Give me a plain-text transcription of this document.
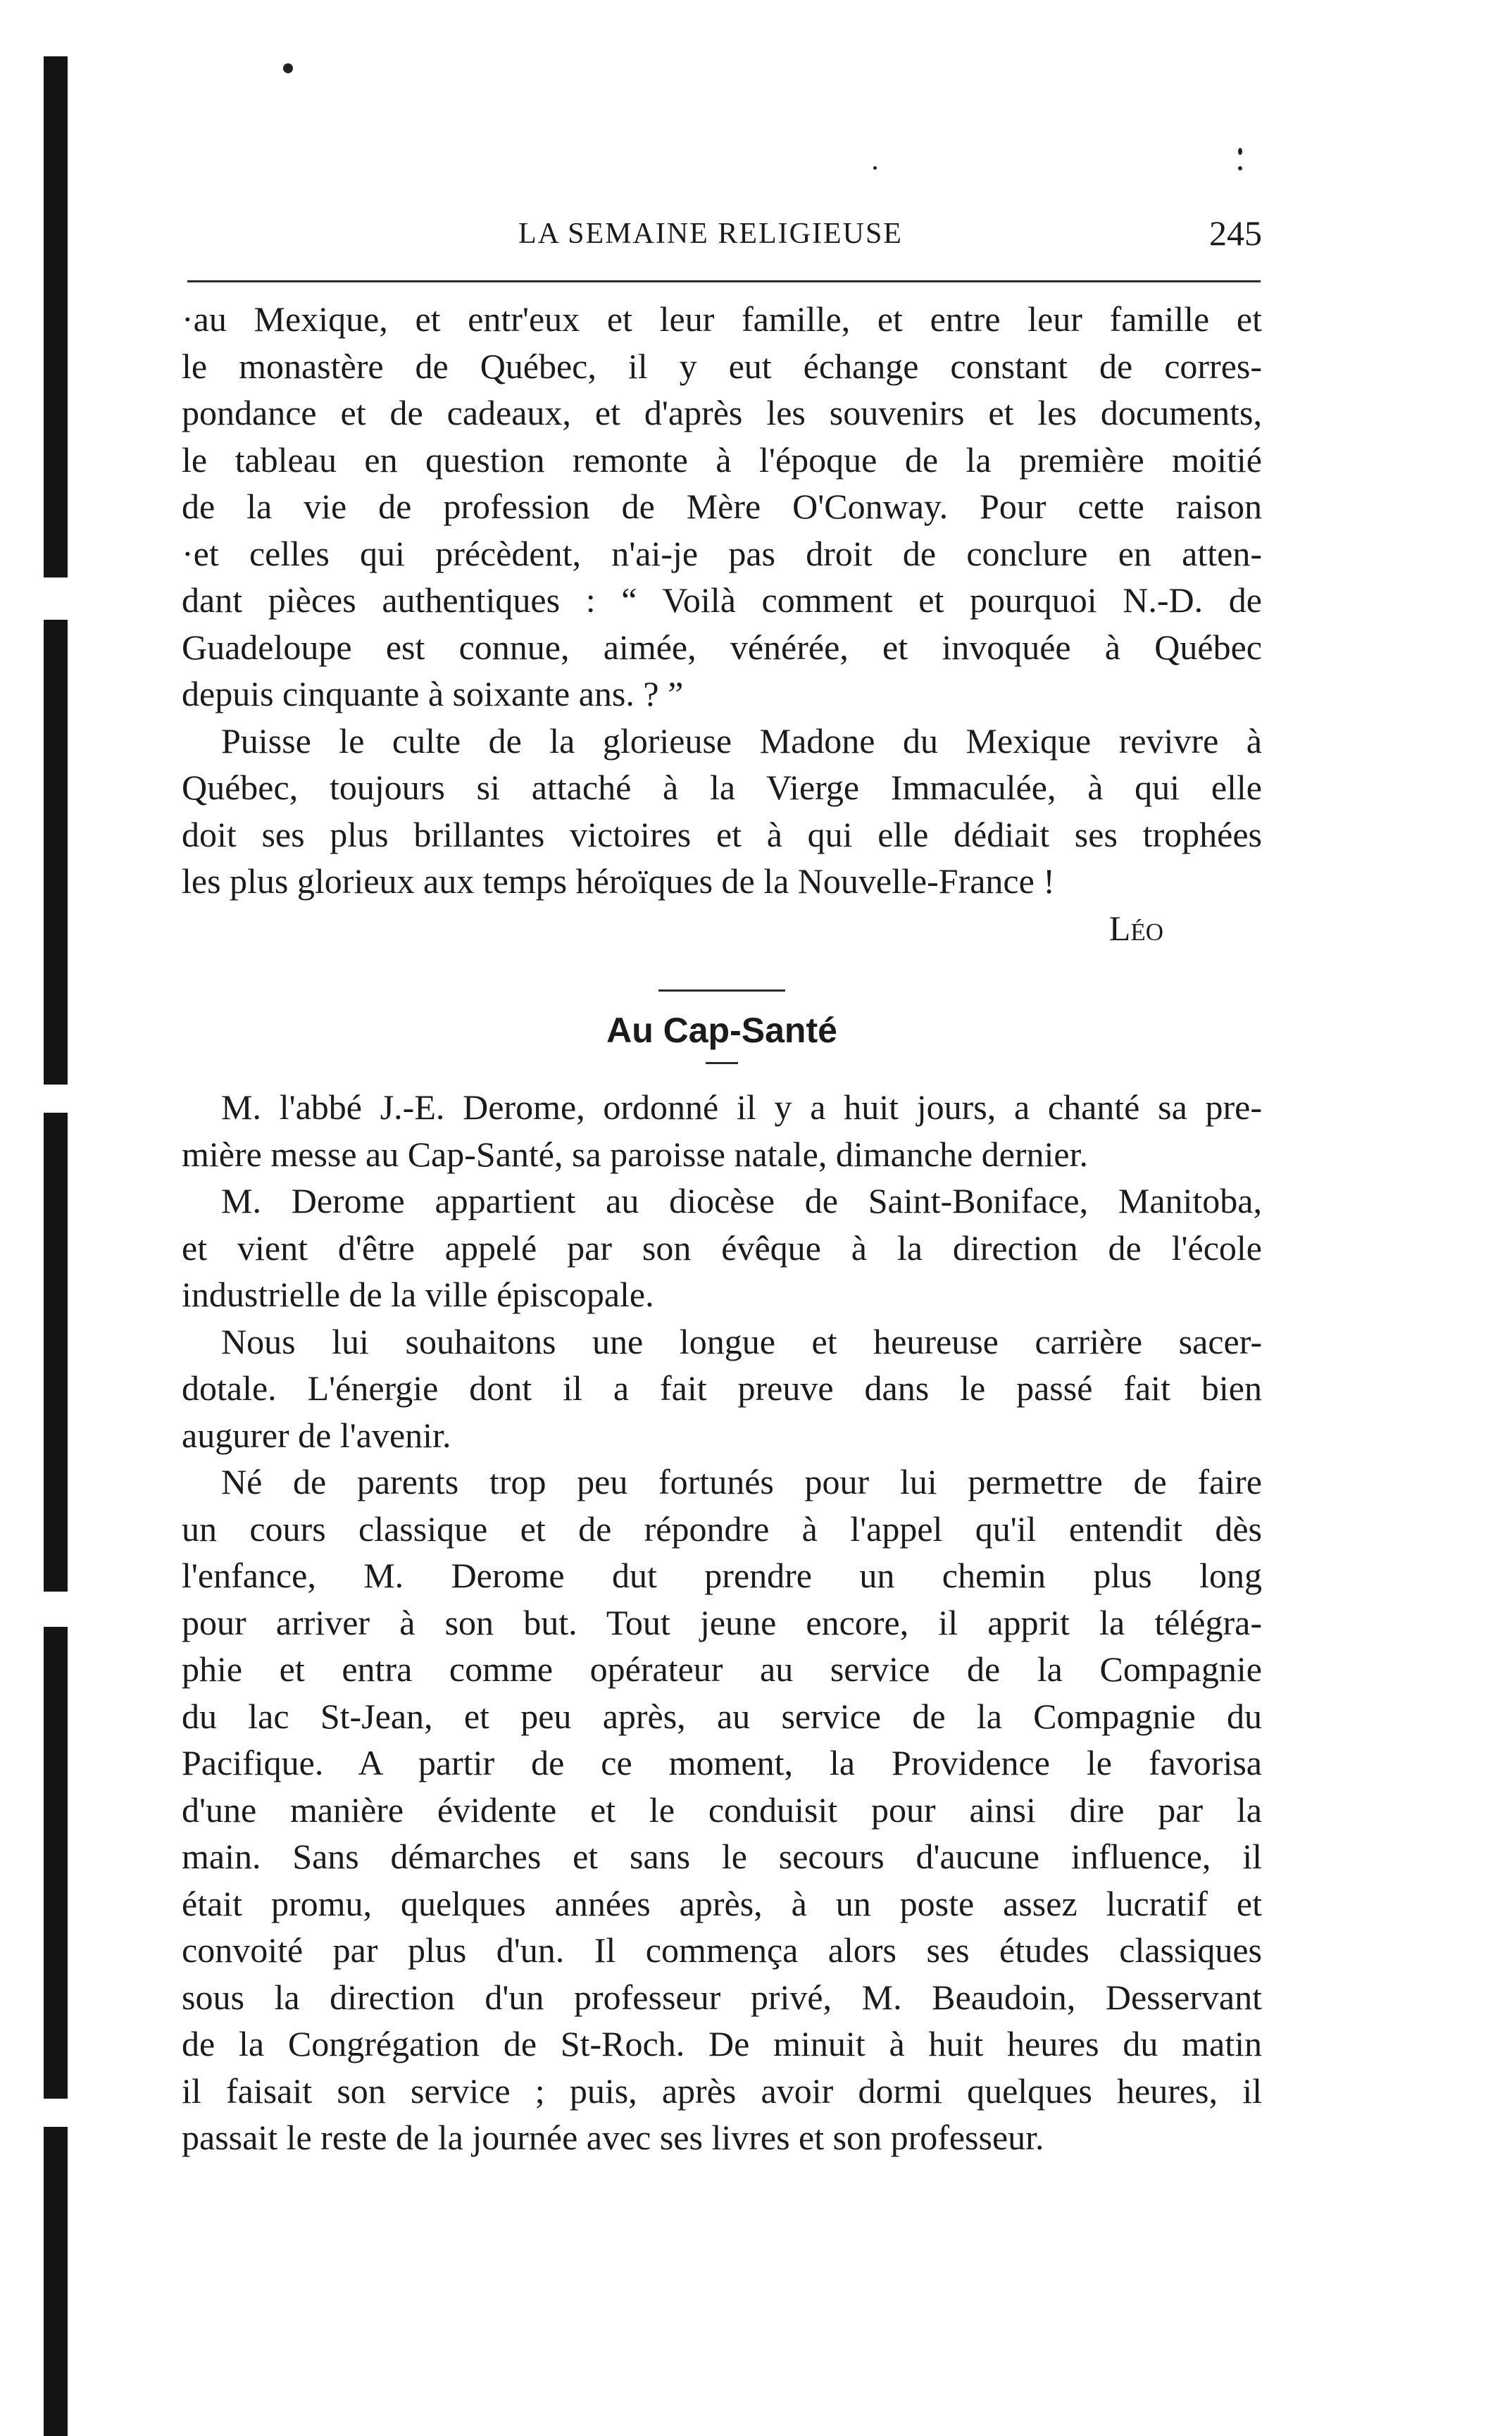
LA SEMAINE RELIGIEUSE	245
·au Mexique, et entr'eux et leur famille, et entre leur famille et
le monastère de Québec, il y eut échange constant de corres-
pondance et de cadeaux, et d'après les souvenirs et les documents,
le tableau en question remonte à l'époque de la première moitié
de la vie de profession de Mère O'Conway. Pour cette raison
·et celles qui précèdent, n'ai-je pas droit de conclure en atten-
dant pièces authentiques : “ Voilà comment et pourquoi N.-D. de
Guadeloupe est connue, aimée, vénérée, et invoquée à Québec
depuis cinquante à soixante ans. ? ”
Puisse le culte de la glorieuse Madone du Mexique revivre à
Québec, toujours si attaché à la Vierge Immaculée, à qui elle
doit ses plus brillantes victoires et à qui elle dédiait ses trophées
les plus glorieux aux temps héroïques de la Nouvelle-France !
Léo
Au Cap-Santé
M. l'abbé J.-E. Derome, ordonné il y a huit jours, a chanté sa pre-
mière messe au Cap-Santé, sa paroisse natale, dimanche dernier.
M. Derome appartient au diocèse de Saint-Boniface, Manitoba,
et vient d'être appelé par son évêque à la direction de l'école
industrielle de la ville épiscopale.
Nous lui souhaitons une longue et heureuse carrière sacer-
dotale. L'énergie dont il a fait preuve dans le passé fait bien
augurer de l'avenir.
Né de parents trop peu fortunés pour lui permettre de faire
un cours classique et de répondre à l'appel qu'il entendit dès
l'enfance, M. Derome dut prendre un chemin plus long
pour arriver à son but. Tout jeune encore, il apprit la télégra-
phie et entra comme opérateur au service de la Compagnie
du lac St-Jean, et peu après, au service de la Compagnie du
Pacifique. A partir de ce moment, la Providence le favorisa
d'une manière évidente et le conduisit pour ainsi dire par la
main. Sans démarches et sans le secours d'aucune influence, il
était promu, quelques années après, à un poste assez lucratif et
convoité par plus d'un. Il commença alors ses études classiques
sous la direction d'un professeur privé, M. Beaudoin, Desservant
de la Congrégation de St-Roch. De minuit à huit heures du matin
il faisait son service ; puis, après avoir dormi quelques heures, il
passait le reste de la journée avec ses livres et son professeur.
